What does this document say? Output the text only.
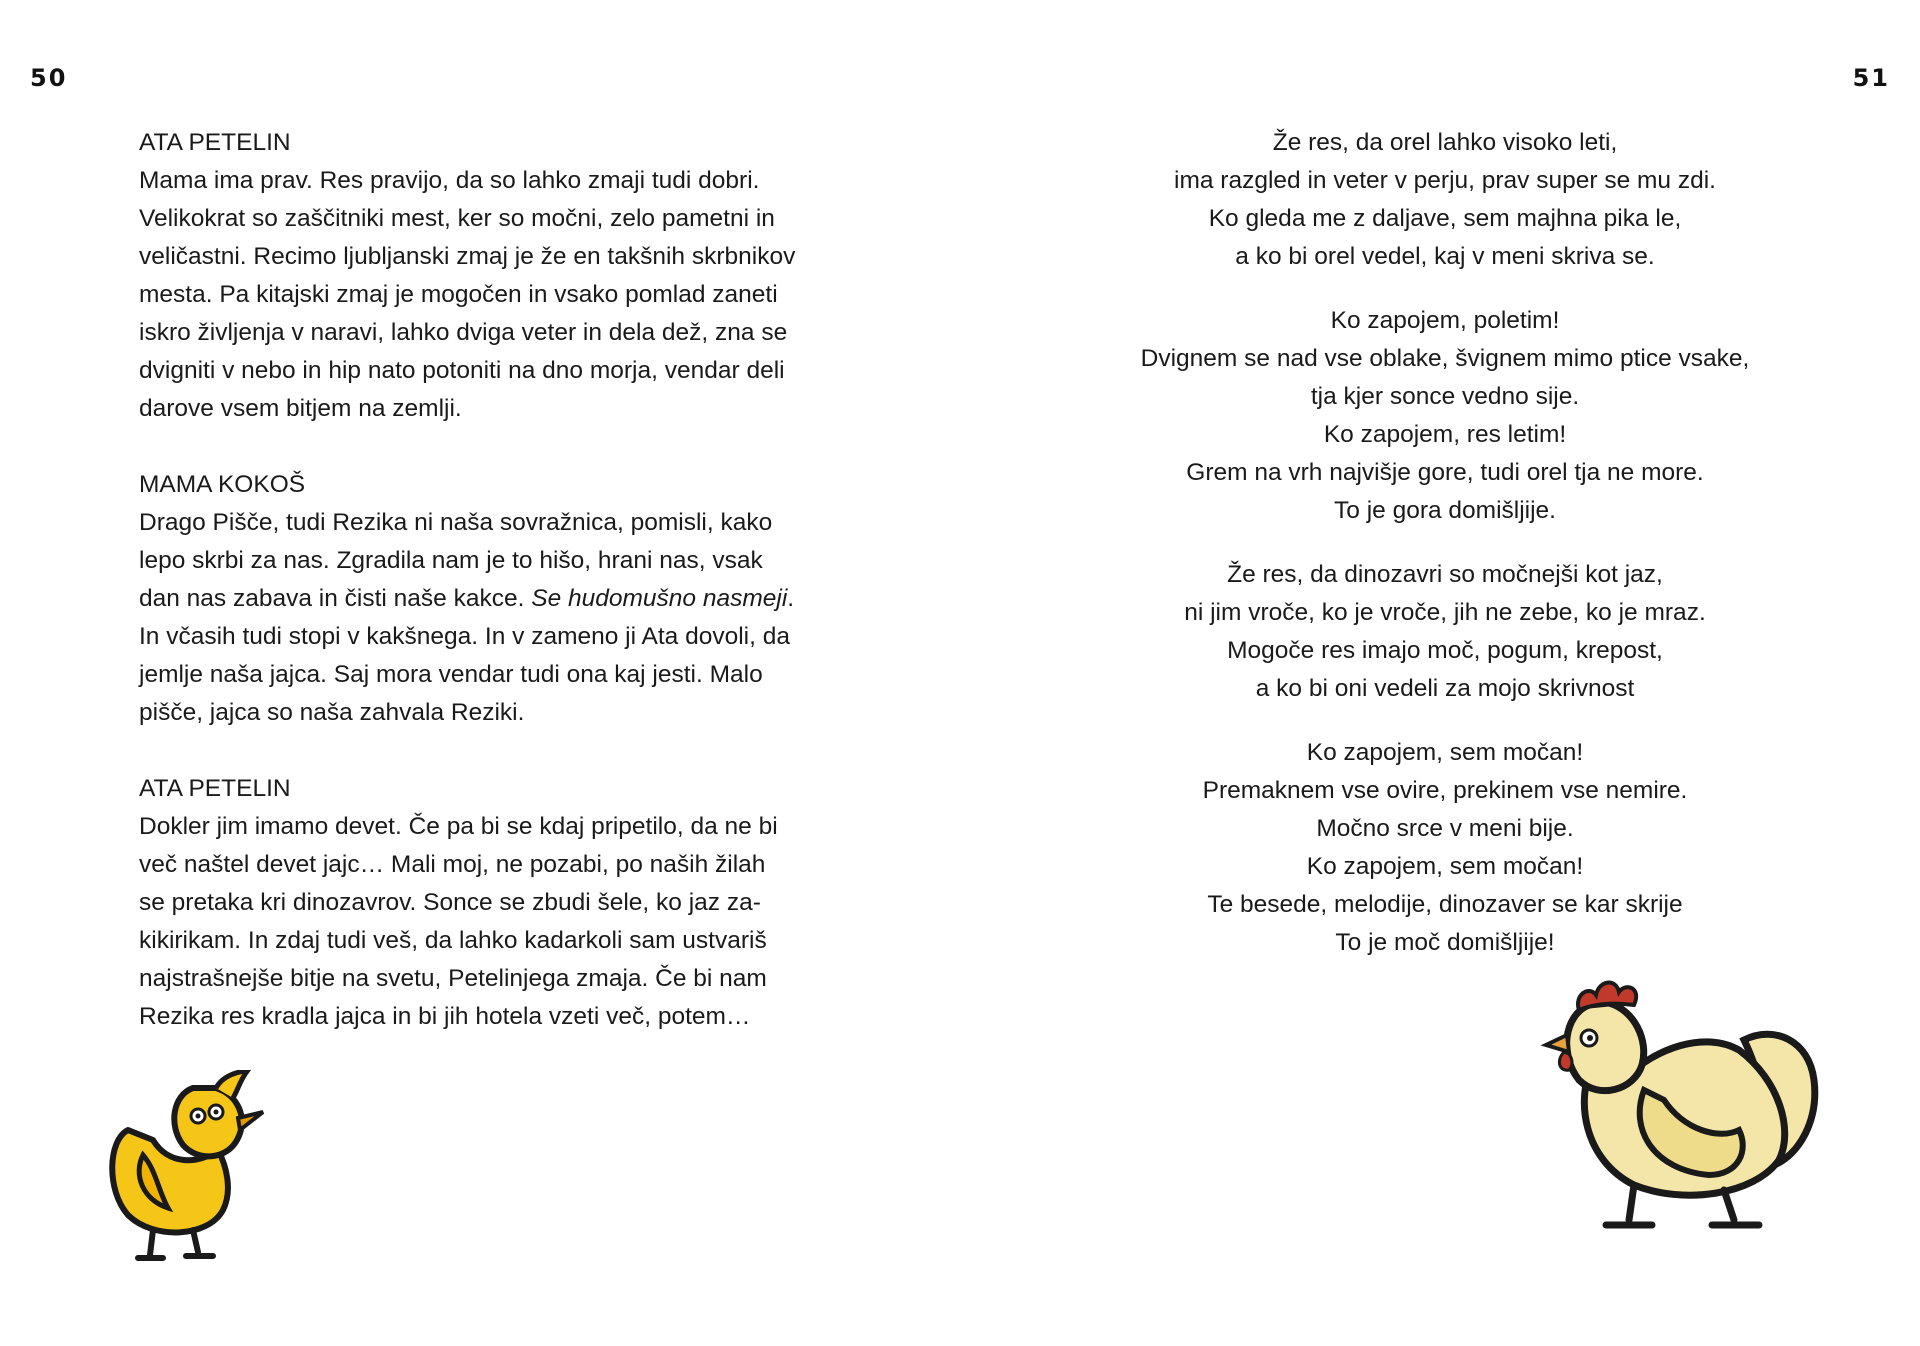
50	51

ATA PETELIN

Mama ima prav. Res pravijo, da so lahko zmaji tudi dobri.

Velikokrat so zaščitniki mest, ker so močni, zelo pametni in

veličastni. Recimo ljubljanski zmaj je že en takšnih skrbnikov

mesta. Pa kitajski zmaj je mogočen in vsako pomlad zaneti

iskro življenja v naravi, lahko dviga veter in dela dež, zna se

dvigniti v nebo in hip nato potoniti na dno morja, vendar deli

darove vsem bitjem na zemlji.

MAMA KOKOŠ

Drago Pišče, tudi Rezika ni naša sovražnica, pomisli, kako

lepo skrbi za nas. Zgradila nam je to hišo, hrani nas, vsak

dan nas zabava in čisti naše kakce. Se hudomušno nasmeji.

In včasih tudi stopi v kakšnega. In v zameno ji Ata dovoli, da

jemlje naša jajca. Saj mora vendar tudi ona kaj jesti. Malo

pišče, jajca so naša zahvala Reziki.

ATA PETELIN

Dokler jim imamo devet. Če pa bi se kdaj pripetilo, da ne bi

več naštel devet jajc… Mali moj, ne pozabi, po naših žilah

se pretaka kri dinozavrov. Sonce se zbudi šele, ko jaz za-

kikirikam. In zdaj tudi veš, da lahko kadarkoli sam ustvariš

najstrašnejše bitje na svetu, Petelinjega zmaja. Če bi nam

Rezika res kradla jajca in bi jih hotela vzeti več, potem…

Že res, da orel lahko visoko leti,
ima razgled in veter v perju, prav super se mu zdi.
Ko gleda me z daljave, sem majhna pika le,
a ko bi orel vedel, kaj v meni skriva se.
Ko zapojem, poletim!
Dvignem se nad vse oblake, švignem mimo ptice vsake,
tja kjer sonce vedno sije.
Ko zapojem, res letim!
Grem na vrh najvišje gore, tudi orel tja ne more.
To je gora domišljije.
Že res, da dinozavri so močnejši kot jaz,
ni jim vroče, ko je vroče, jih ne zebe, ko je mraz.
Mogoče res imajo moč, pogum, krepost,
a ko bi oni vedeli za mojo skrivnost
Ko zapojem, sem močan!
Premaknem vse ovire, prekinem vse nemire.
Močno srce v meni bije.
Ko zapojem, sem močan!
Te besede, melodije, dinozaver se kar skrije
To je moč domišljije!
